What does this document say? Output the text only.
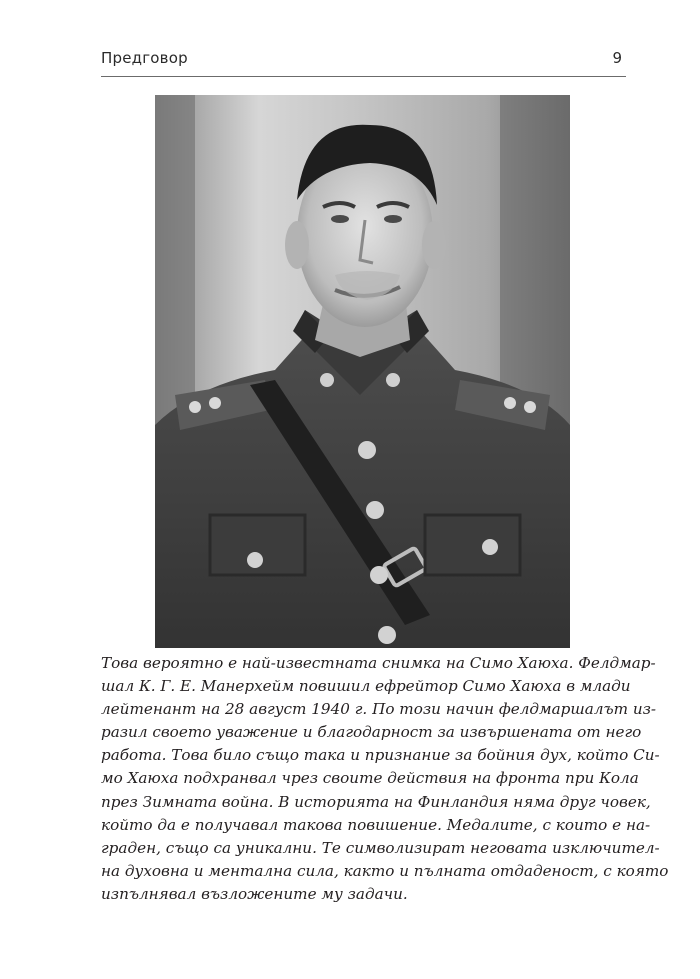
Предговор	9
Това вероятно е най-известната снимка на Симо Хаюха. Фелдмар-
шал К. Г. Е. Манерхейм повишил ефрейтор Симо Хаюха в млади
лейтенант на 28 август 1940 г. По този начин фелдмаршалът из-
разил своето уважение и благодарност за извършената от него
работа. Това било също така и признание за бойния дух, който Си-
мо Хаюха подхранвал чрез своите действия на фронта при Кола
през Зимната война. В историята на Финландия няма друг човек,
който да е получавал такова повишение. Медалите, с които е на-
граден, също са уникални. Те символизират неговата изключител-
на духовна и ментална сила, както и пълната отдаденост, с която
изпълнявал възложените му задачи.
